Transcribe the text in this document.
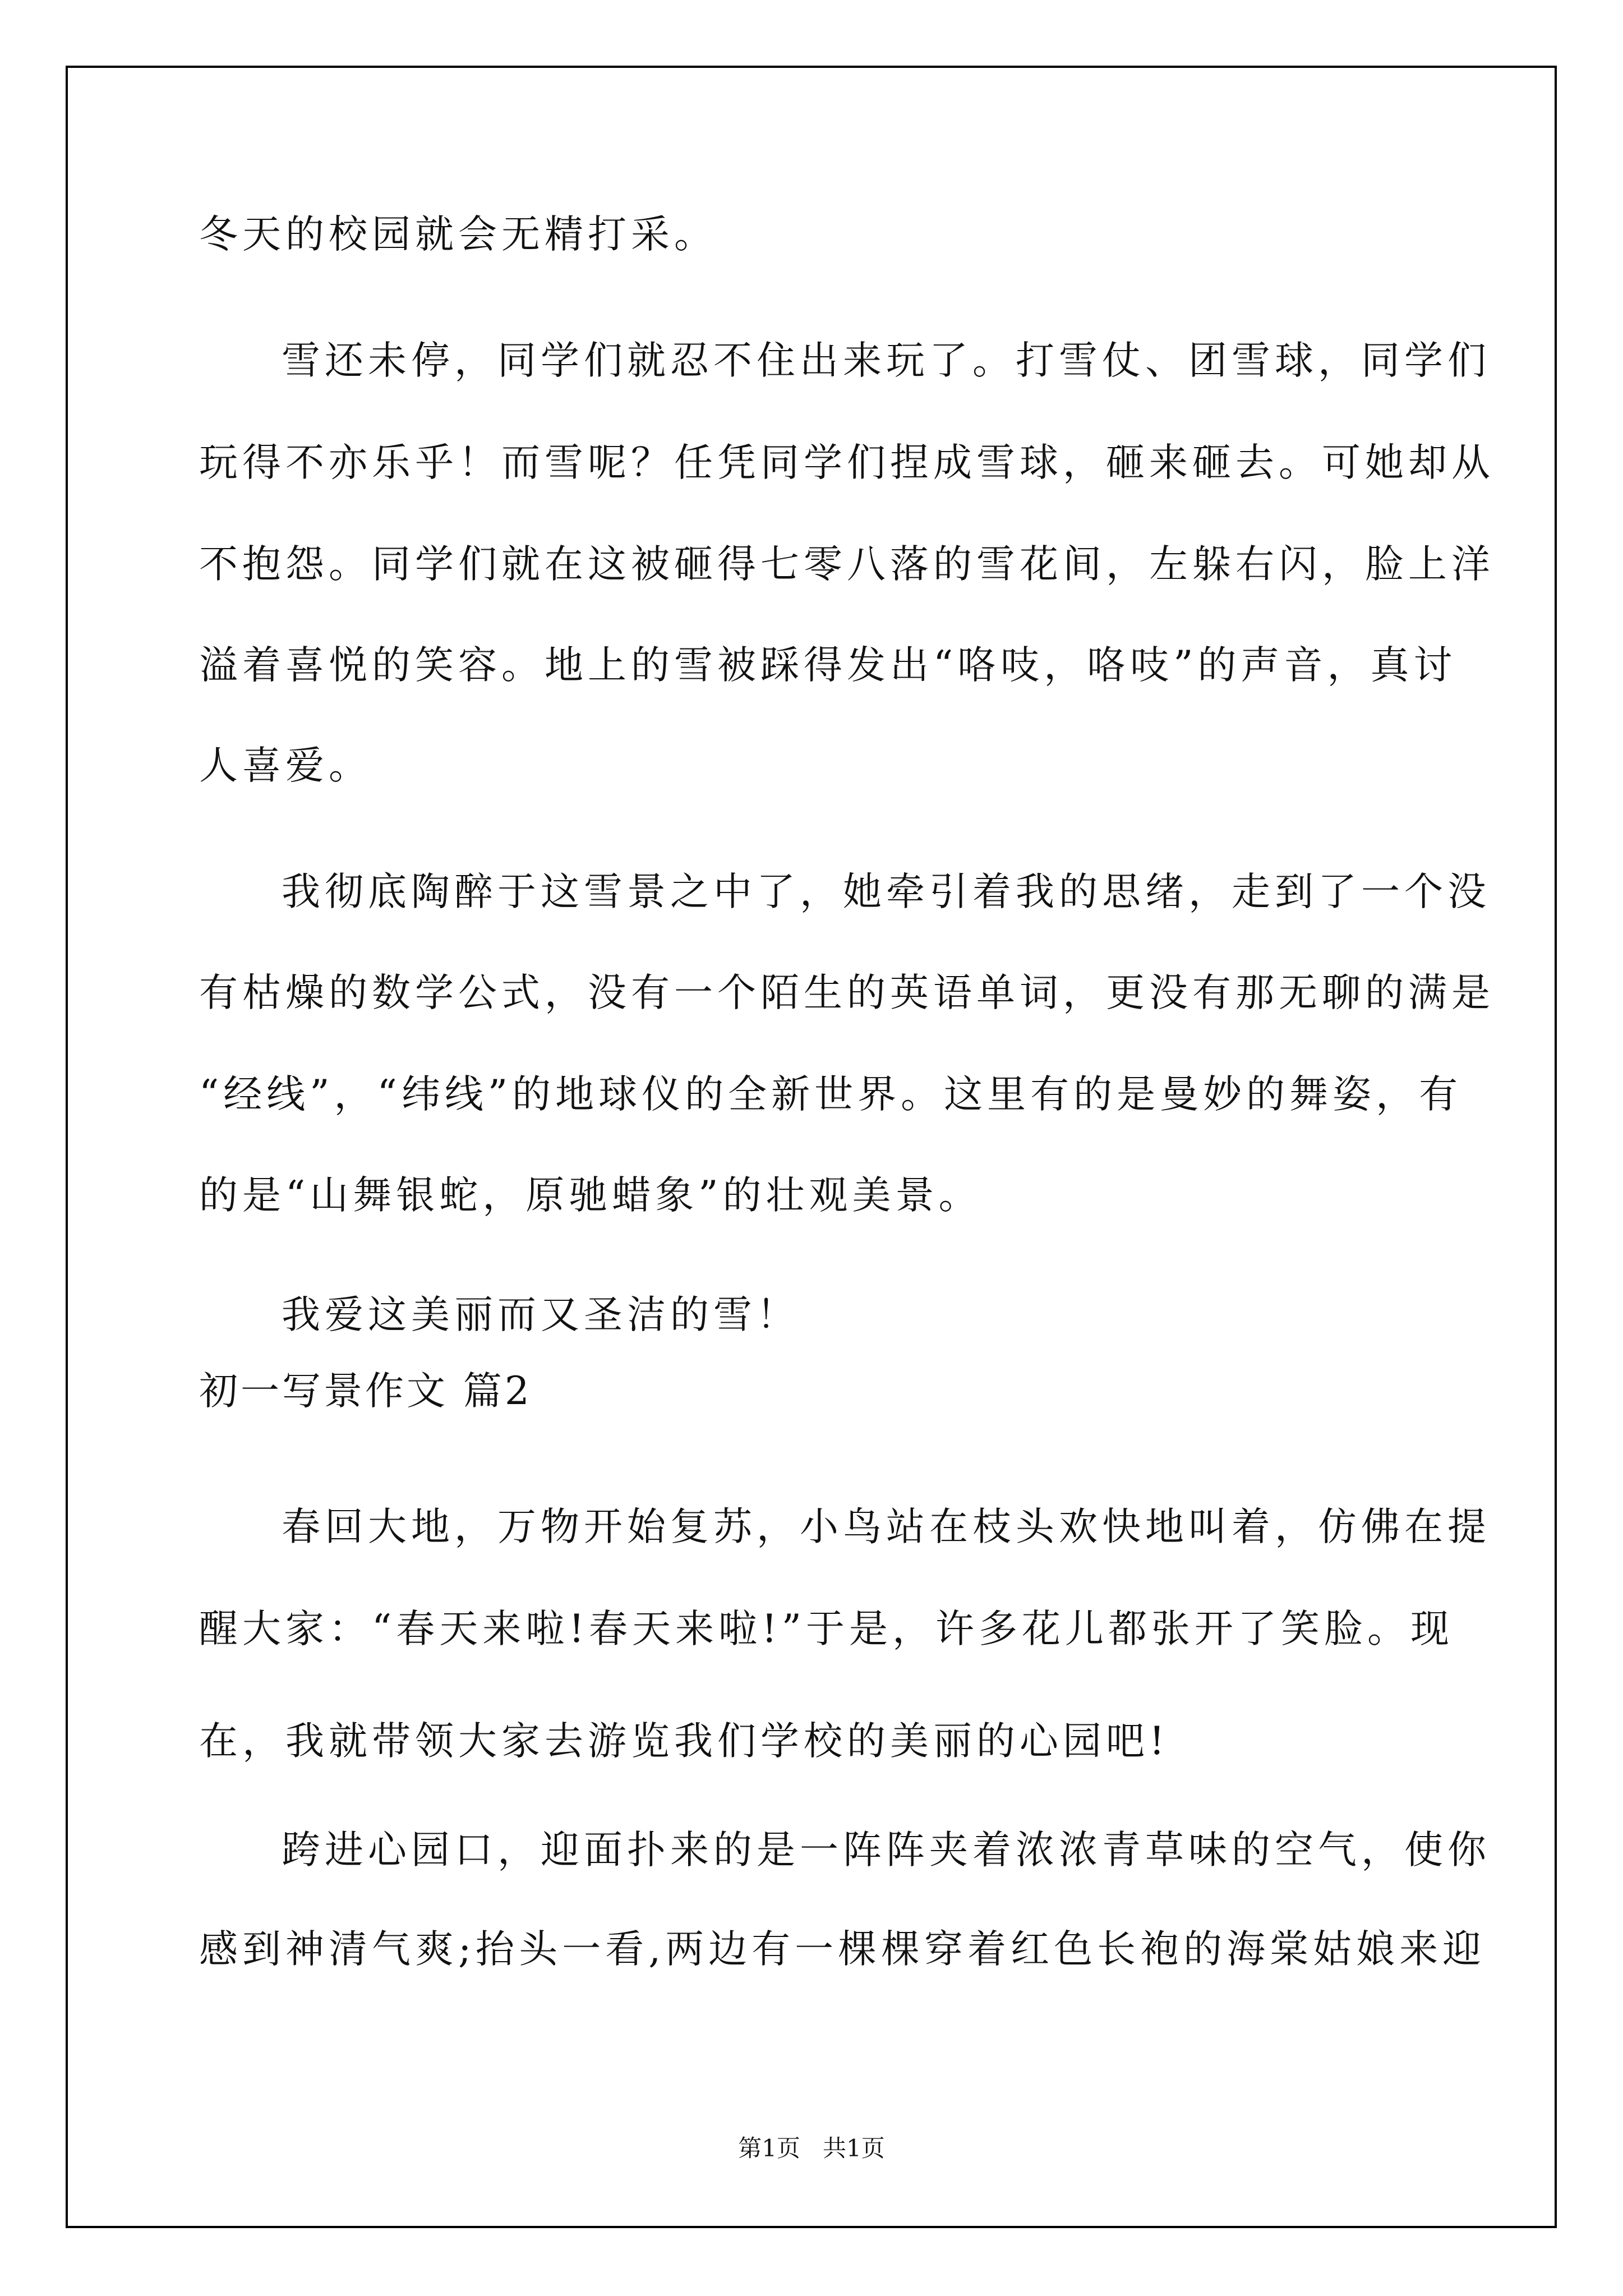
冬天的校园就会无精打采。

雪还未停，同学们就忍不住出来玩了。打雪仗、团雪球，同学们

玩得不亦乐乎！而雪呢？任凭同学们捏成雪球，砸来砸去。可她却从

不抱怨。同学们就在这被砸得七零八落的雪花间，左躲右闪，脸上洋

溢着喜悦的笑容。地上的雪被踩得发出“咯吱，咯吱”的声音，真讨

人喜爱。

我彻底陶醉于这雪景之中了，她牵引着我的思绪，走到了一个没

有枯燥的数学公式，没有一个陌生的英语单词，更没有那无聊的满是

“经线”，“纬线”的地球仪的全新世界。这里有的是曼妙的舞姿，有

的是“山舞银蛇，原驰蜡象”的壮观美景。

我爱这美丽而又圣洁的雪！

初一写景作文 篇2

春回大地，万物开始复苏，小鸟站在枝头欢快地叫着，仿佛在提

醒大家：“春天来啦!春天来啦!”于是，许多花儿都张开了笑脸。现

在，我就带领大家去游览我们学校的美丽的心园吧!

跨进心园口，迎面扑来的是一阵阵夹着浓浓青草味的空气，使你

感到神清气爽;抬头一看,两边有一棵棵穿着红色长袍的海棠姑娘来迎

第1页   共1页
